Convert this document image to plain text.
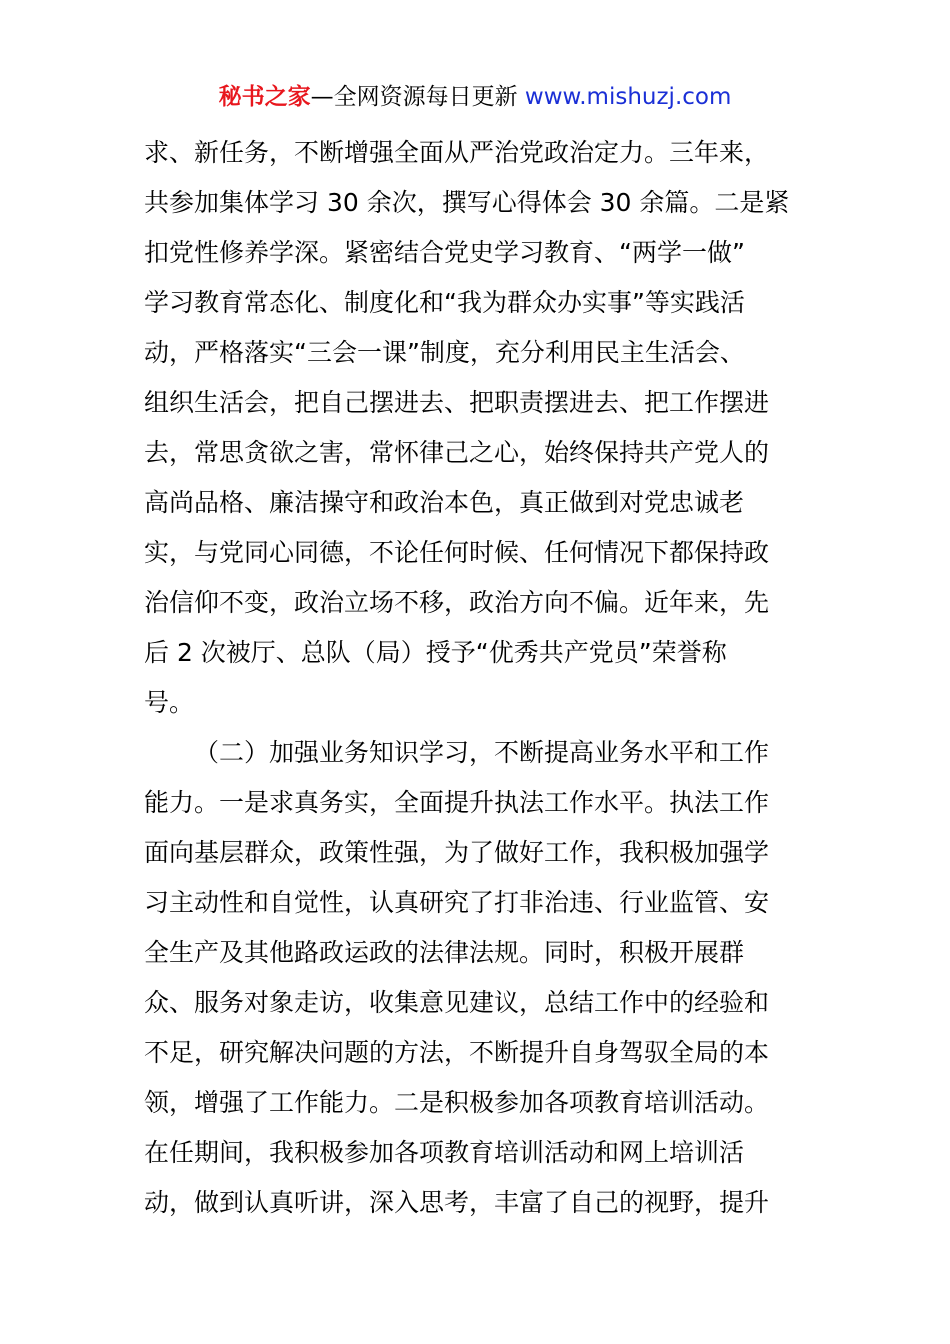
秘书之家—全网资源每日更新 www.mishuzj.com
求、新任务，不断增强全面从严治党政治定力。三年来，
共参加集体学习 30 余次，撰写心得体会 30 余篇。二是紧
扣党性修养学深。紧密结合党史学习教育、“两学一做”
学习教育常态化、制度化和“我为群众办实事”等实践活
动，严格落实“三会一课”制度，充分利用民主生活会、
组织生活会，把自己摆进去、把职责摆进去、把工作摆进
去，常思贪欲之害，常怀律己之心，始终保持共产党人的
高尚品格、廉洁操守和政治本色，真正做到对党忠诚老
实，与党同心同德，不论任何时候、任何情况下都保持政
治信仰不变，政治立场不移，政治方向不偏。近年来，先
后 2 次被厅、总队（局）授予“优秀共产党员”荣誉称
号。
（二）加强业务知识学习，不断提高业务水平和工作
能力。一是求真务实，全面提升执法工作水平。执法工作
面向基层群众，政策性强，为了做好工作，我积极加强学
习主动性和自觉性，认真研究了打非治违、行业监管、安
全生产及其他路政运政的法律法规。同时，积极开展群
众、服务对象走访，收集意见建议，总结工作中的经验和
不足，研究解决问题的方法，不断提升自身驾驭全局的本
领，增强了工作能力。二是积极参加各项教育培训活动。
在任期间，我积极参加各项教育培训活动和网上培训活
动，做到认真听讲，深入思考，丰富了自己的视野，提升
